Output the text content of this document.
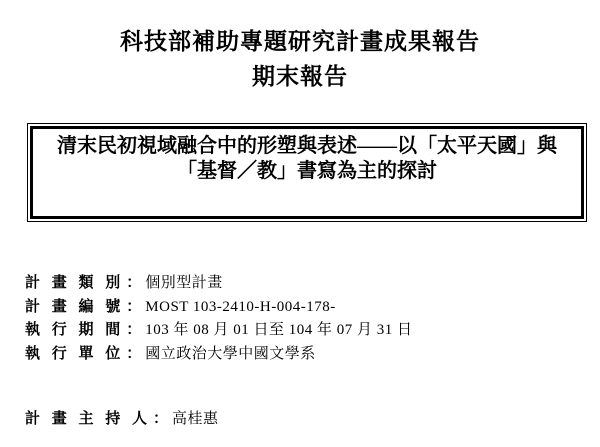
科技部補助專題研究計畫成果報告
期末報告
清末民初視域融合中的形塑與表述——以「太平天國」與
「基督／教」書寫為主的探討
計 畫 類 別 ： 個別型計畫
計 畫 編 號 ： MOST 103-2410-H-004-178-
執 行 期 間 ： 103 年 08 月 01 日至 104 年 07 月 31 日
執 行 單 位 ： 國立政治大學中國文學系
計 畫 主 持 人 ： 高桂惠
